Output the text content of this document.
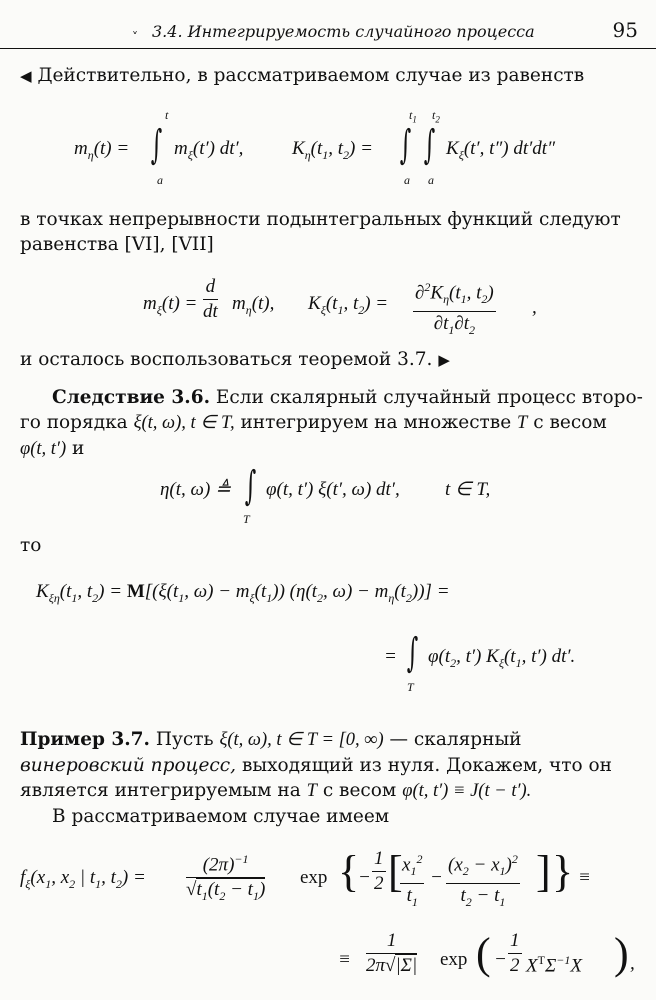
˅ 3.4. Интегрируемость случайного процесса	95
◀ Действительно, в рассматриваемом случае из равенств
$m_\eta(t)$ =
t
∫
a
$m_\xi(t')$ dt′,	$K_\eta(t_1$, $t_2$) =
$t_1$ $t_2$
∫ ∫
a a
$K_\xi(t'$, t″) dt′dt″
в точках непрерывности подынтегральных функций следуют
равенства [VI], [VII]
$m_\xi(t) = \frac{d}{dt} m_\eta(t)$, $K_\xi(t_1$, $t_2) = \frac{\partial^2K_\eta(t_1, t_2)}{\partial t_1\partial t_2}$ ,
и осталось воспользоваться теоремой 3.7. ▶
Следствие 3.6. Если скалярный случайный процесс второ-
го порядка ξ(t, ω), t ∈ T, интегрируем на множестве T с весом
φ(t, t′) и
η(t, ω) ≜ ∫
T
φ(t, t′) ξ(t′, ω) dt′, t ∈ T,
то
$K_{\xi\eta}(t_1$, $t_2) = M[(\xi(t_1$, $\omega) - m_\xi(t_1)$) ($\eta(t_2$, $\omega) - m_\eta(t_2)$)] =
= ∫
T
$\varphi(t_2$, t′) $K_\xi(t_1$, t′) dt′.
Пример 3.7. Пусть ξ(t, ω), t ∈ T = [0, ∞) — скалярный
винеровский процесс, выходящий из нуля. Докажем, что он
является интегрируемым на T с весом φ(t, t′) ≡ J(t − t′).
В рассматриваемом случае имеем
$f_\xi(x_1$, $x_2$ | $t_1$, $t_2) = \frac{(2\pi)^{-1}}{√t_1(t_2 - t_1)}$ exp {
− $\frac{1}{2}$ [
$\frac{x_1^2}{t_1} - \frac{(x_2 - x_1)^2}{t_2 - t_1}$ ] } ≡
≡ $\frac{1}{2\pi√|\Sigma|}$ exp ( − $\frac{1}{2} X^T\Sigma^{-1}X$ ) ,
